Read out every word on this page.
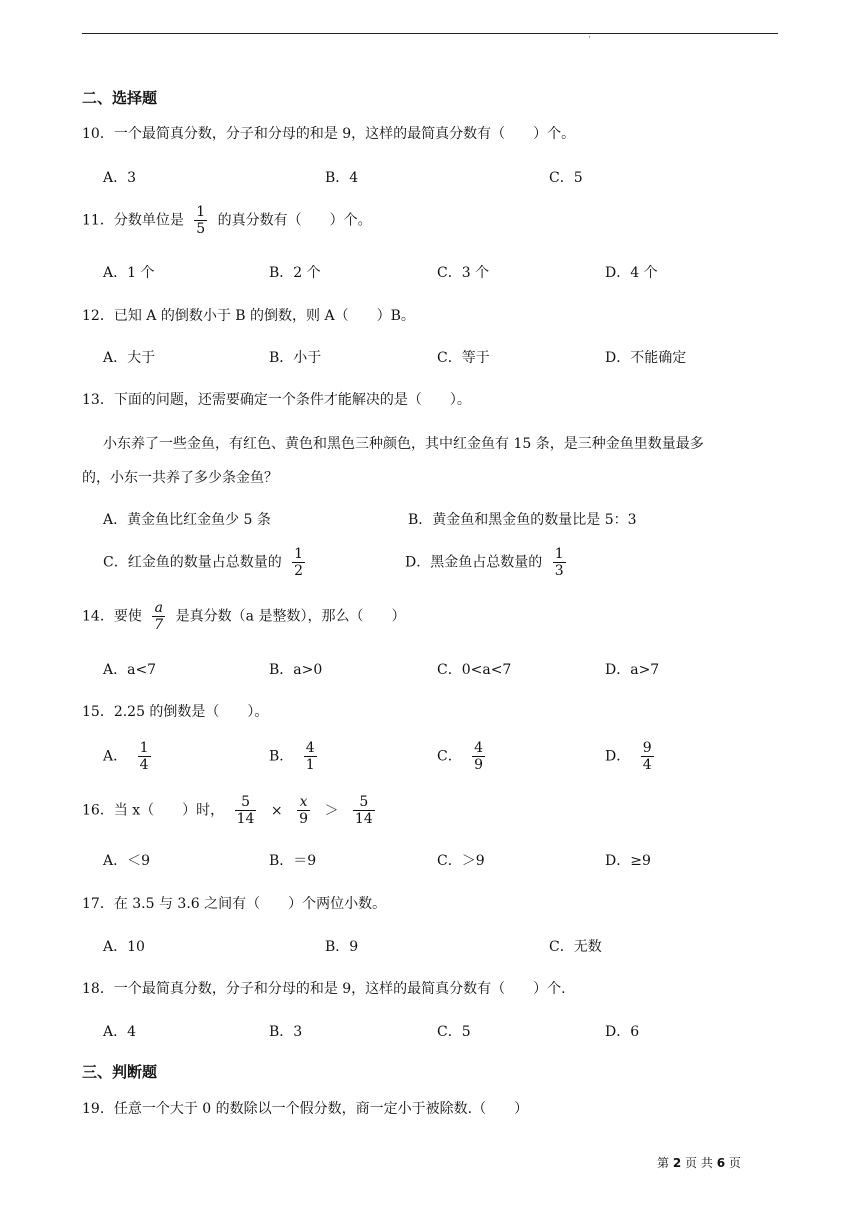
·
二、选择题
10．一个最简真分数，分子和分母的和是 9，这样的最简真分数有（　　）个。
A．3	B．4	C．5
11．分数单位是 $\frac{1}{5}$ 的真分数有（　　）个。
A．1 个	B．2 个	C．3 个	D．4 个
12．已知 A 的倒数小于 B 的倒数，则 A（　　）B。
A．大于	B．小于	C．等于	D．不能确定
13．下面的问题，还需要确定一个条件才能解决的是（　　）。
小东养了一些金鱼，有红色、黄色和黑色三种颜色，其中红金鱼有 15 条，是三种金鱼里数量最多
的，小东一共养了多少条金鱼？
A．黄金鱼比红金鱼少 5 条	B．黄金鱼和黑金鱼的数量比是 5：3
C．红金鱼的数量占总数量的 $\frac{1}{2}$	D．黑金鱼占总数量的 $\frac{1}{3}$
14．要使 $\frac{a}{7}$ 是真分数（a 是整数），那么（　　）
A．a<7	B．a>0	C．0<a<7	D．a>7
15．2.25 的倒数是（　　）。
A． $\frac{1}{4}$	B． $\frac{4}{1}$	C． $\frac{4}{9}$	D． $\frac{9}{4}$
16．当 x（　　）时， $\frac{5}{14} \times \frac{x}{9} > \frac{5}{14}$
A．＜9	B．＝9	C．＞9	D．≥9
17．在 3.5 与 3.6 之间有（　　）个两位小数。
A．10	B．9	C．无数
18．一个最简真分数，分子和分母的和是 9，这样的最简真分数有（　　）个.
A．4	B．3	C．5	D．6
三、判断题
19．任意一个大于 0 的数除以一个假分数，商一定小于被除数.（　　）
第 2 页 共 6 页
